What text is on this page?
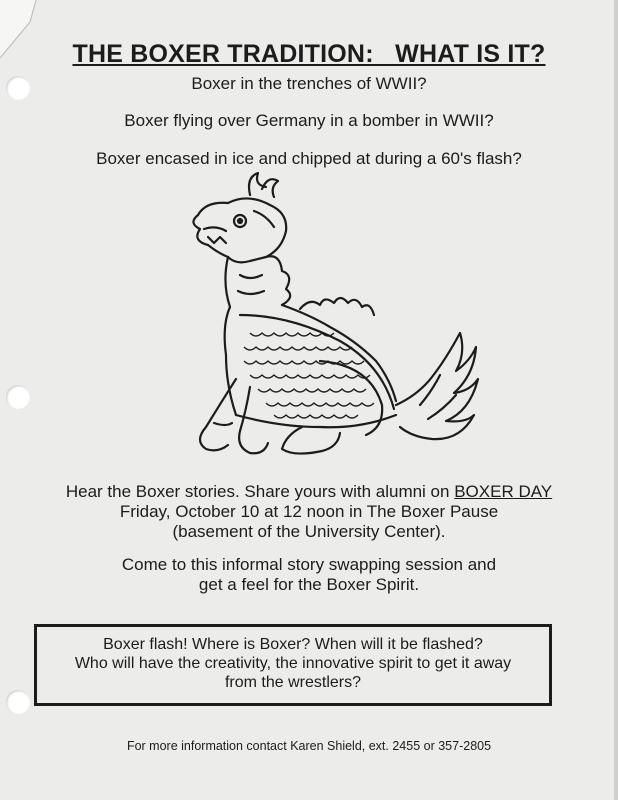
THE BOXER TRADITION:   WHAT IS IT?
Boxer in the trenches of WWII?
Boxer flying over Germany in a bomber in WWII?
Boxer encased in ice and chipped at during a 60's flash?
Hear the Boxer stories. Share yours with alumni on BOXER DAY
Friday, October 10 at 12 noon in The Boxer Pause
(basement of the University Center).
Come to this informal story swapping session and
get a feel for the Boxer Spirit.
Boxer flash! Where is Boxer? When will it be flashed?
Who will have the creativity, the innovative spirit to get it away
from the wrestlers?
For more information contact Karen Shield, ext. 2455 or 357-2805
